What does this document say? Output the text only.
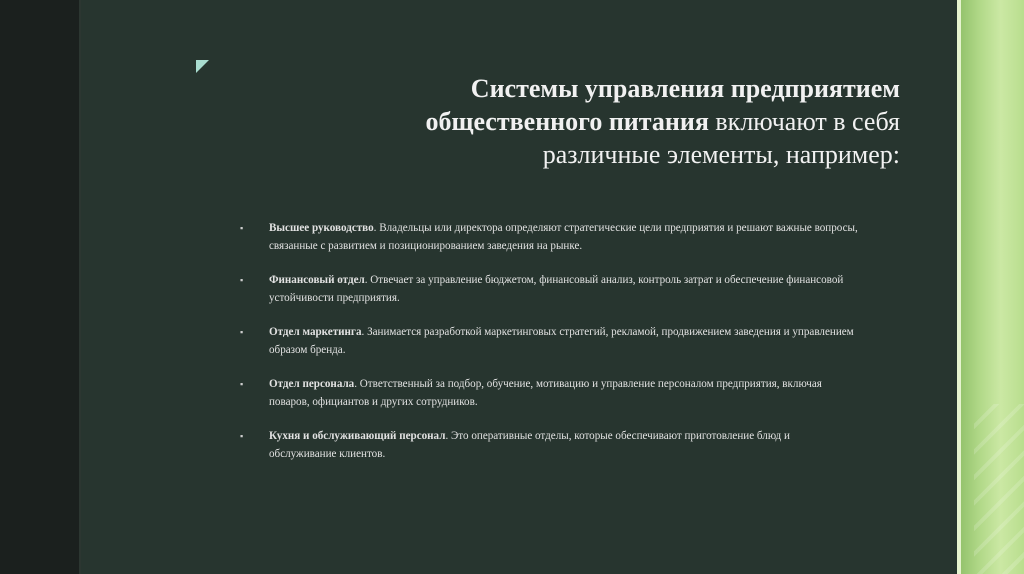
Системы управления предприятием
общественного питания включают в себя
различные элементы, например:
▪ Высшее руководство. Владельцы или директора определяют стратегические цели предприятия и решают важные вопросы, связанные с развитием и позиционированием заведения на рынке.
▪ Финансовый отдел. Отвечает за управление бюджетом, финансовый анализ, контроль затрат и обеспечение финансовой устойчивости предприятия.
▪ Отдел маркетинга. Занимается разработкой маркетинговых стратегий, рекламой, продвижением заведения и управлением образом бренда.
▪ Отдел персонала. Ответственный за подбор, обучение, мотивацию и управление персоналом предприятия, включая поваров, официантов и других сотрудников.
▪ Кухня и обслуживающий персонал. Это оперативные отделы, которые обеспечивают приготовление блюд и обслуживание клиентов.
